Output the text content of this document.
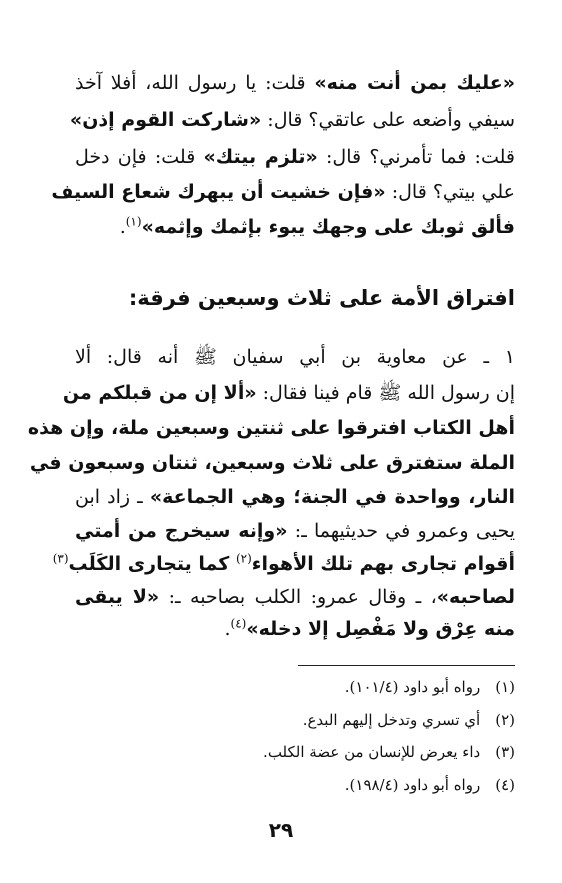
«عليك بمن أنت منه» قلت: يا رسول الله، أفلا آخذ
سيفي وأضعه على عاتقي؟ قال: «شاركت القوم إذن»
قلت: فما تأمرني؟ قال: «تلزم بيتك» قلت: فإن دخل
علي بيتي؟ قال: «فإن خشيت أن يبهرك شعاع السيف
فألق ثوبك على وجهك يبوء بإثمك وإثمه»$^{(١)}$.
افتراق الأمة على ثلاث وسبعين فرقة:
١ ـ عن معاوية بن أبي سفيان ﷺ أنه قال: ألا
إن رسول الله ﷺ قام فينا فقال: «ألا إن من قبلكم من
أهل الكتاب افترقوا على ثنتين وسبعين ملة، وإن هذه
الملة ستفترق على ثلاث وسبعين، ثنتان وسبعون في
النار، وواحدة في الجنة؛ وهي الجماعة» ـ زاد ابن
يحيى وعمرو في حديثيهما ـ: «وإنه سيخرج من أمتي
أقوام تجارى بهم تلك الأهواء$^{(٢)}$ كما يتجارى الكَلَب$^{(٣)}$
لصاحبه»، ـ وقال عمرو: الكلب بصاحبه ـ: «لا يبقى
منه عِرْق ولا مَفْصِل إلا دخله»$^{(٤)}$.
(١) رواه أبو داود (١٠١/٤).
(٢) أي تسري وتدخل إليهم البدع.
(٣) داء يعرض للإنسان من عضة الكلب.
(٤) رواه أبو داود (١٩٨/٤).
٢٩
